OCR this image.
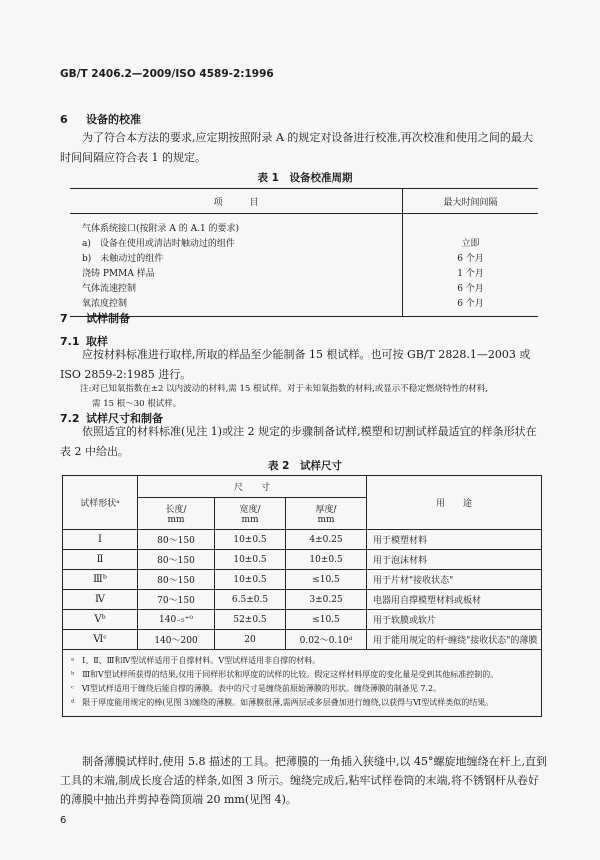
GB/T 2406.2—2009/ISO 4589-2:1996
6 设备的校准
为了符合本方法的要求,应定期按照附录 A 的规定对设备进行校准,再次校准和使用之间的最大
时间间隔应符合表 1 的规定。
表 1　设备校准周期
项　　　目	最大时间间隔
气体系统接口(按附录 A 的 A.1 的要求)	
a)　设备在使用或清洁时触动过的组件	立即
b)　未触动过的组件	6 个月
浇铸 PMMA 样品	1 个月
气体流速控制	6 个月
氧浓度控制	6 个月
7 试样制备
7.1 取样
应按材料标准进行取样,所取的样品至少能制备 15 根试样。也可按 GB/T 2828.1—2003 或
ISO 2859-2:1985 进行。
注:对已知氧指数在±2 以内波动的材料,需 15 根试样。对于未知氧指数的材料,或显示不稳定燃烧特性的材料,
需 15 根～30 根试样。
7.2 试样尺寸和制备
依照适宜的材料标准(见注 1)或注 2 规定的步骤制备试样,模塑和切割试样最适宜的样条形状在
表 2 中给出。
表 2　试样尺寸
试样形状ᵃ	尺　　寸			用　　途

	长度/
mm	宽度/
mm	厚度/
mm	

Ⅰ	80～150	10±0.5	4±0.25	用于模塑材料
Ⅱ	80～150	10±0.5	10±0.5	用于泡沫材料
Ⅲᵇ	80～150	10±0.5	≤10.5	用于片材"接收状态"
Ⅳ	70～150	6.5±0.5	3±0.25	电器用自撑模塑材料或板材
Ⅴᵇ	140₋₅⁺⁰	52±0.5	≤10.5	用于软膜或软片
Ⅵᶜ	140～200	20	0.02～0.10ᵈ	用于能用规定的杆ᶜ缠绕"接收状态"的薄膜

ᵃ　Ⅰ、Ⅱ、Ⅲ和Ⅳ型试样适用于自撑材料。Ⅴ型试样适用非自撑的材料。
ᵇ　Ⅲ和Ⅴ型试样所获得的结果,仅用于同样形状和厚度的试样的比较。假定这样材料厚度的变化量是受到其他标准控制的。
ᶜ　Ⅵ型试样适用于缠绕后能自撑的薄膜。表中的尺寸是缠绕前原始薄膜的形状。缠绕薄膜的制备见 7.2。
ᵈ　限于厚度能用规定的棒(见图 3)缠绕的薄膜。如薄膜很薄,需两层或多层叠加进行缠绕,以获得与Ⅵ型试样类似的结果。				
制备薄膜试样时,使用 5.8 描述的工具。把薄膜的一角插入狭缝中,以 45°螺旋地缠绕在杆上,直到
工具的末端,制成长度合适的样条,如图 3 所示。缠绕完成后,粘牢试样卷筒的末端,将不锈钢杆从卷好
的薄膜中抽出并剪掉卷筒顶端 20 mm(见图 4)。
6
